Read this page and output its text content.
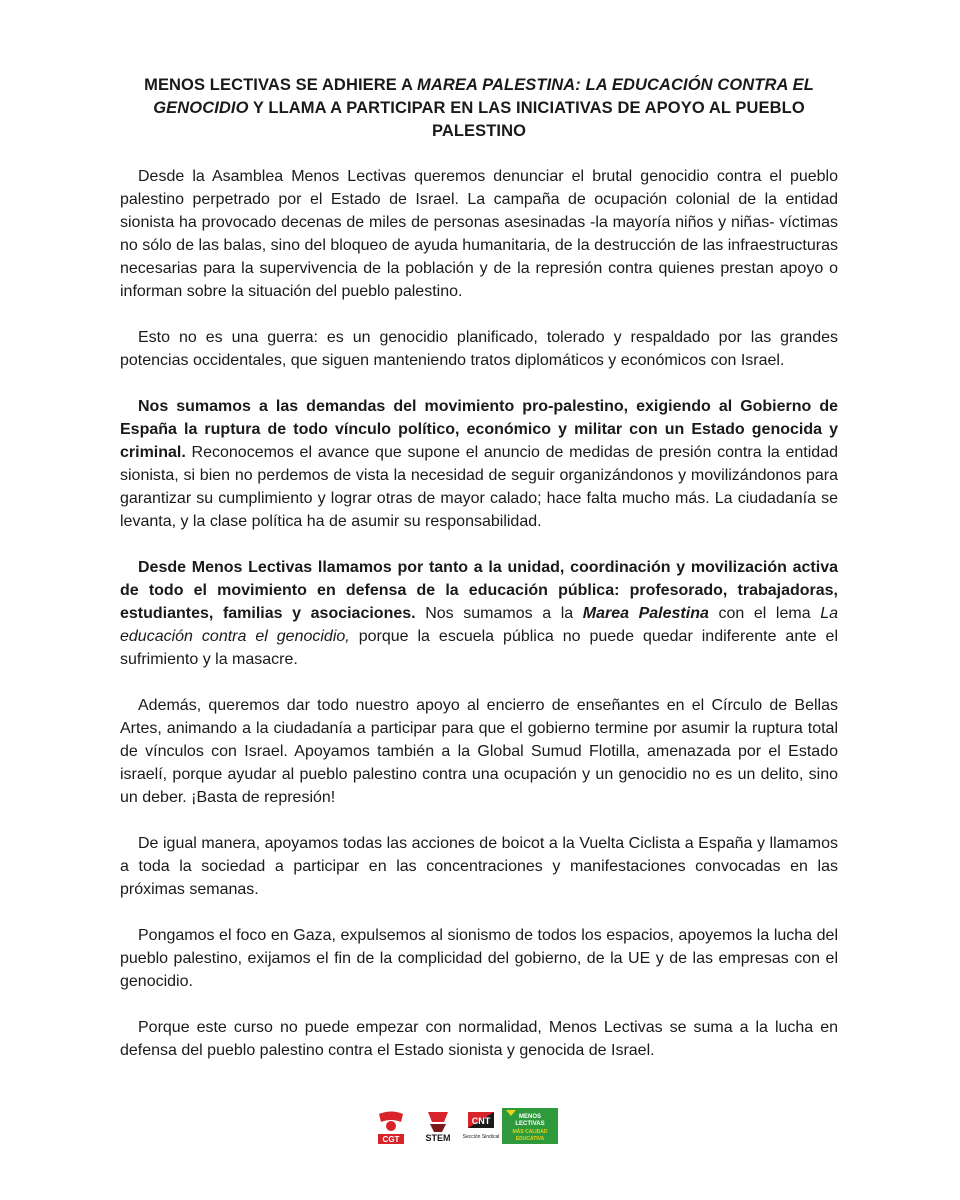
MENOS LECTIVAS SE ADHIERE A MAREA PALESTINA: LA EDUCACIÓN CONTRA EL GENOCIDIO Y LLAMA A PARTICIPAR EN LAS INICIATIVAS DE APOYO AL PUEBLO PALESTINO

Desde la Asamblea Menos Lectivas queremos denunciar el brutal genocidio contra el pueblo palestino perpetrado por el Estado de Israel. La campaña de ocupación colonial de la entidad sionista ha provocado decenas de miles de personas asesinadas -la mayoría niños y niñas- víctimas no sólo de las balas, sino del bloqueo de ayuda humanitaria, de la destrucción de las infraestructuras necesarias para la supervivencia de la población y de la represión contra quienes prestan apoyo o informan sobre la situación del pueblo palestino.

Esto no es una guerra: es un genocidio planificado, tolerado y respaldado por las grandes potencias occidentales, que siguen manteniendo tratos diplomáticos y económicos con Israel.

Nos sumamos a las demandas del movimiento pro-palestino, exigiendo al Gobierno de España la ruptura de todo vínculo político, económico y militar con un Estado genocida y criminal. Reconocemos el avance que supone el anuncio de medidas de presión contra la entidad sionista, si bien no perdemos de vista la necesidad de seguir organizándonos y movilizándonos para garantizar su cumplimiento y lograr otras de mayor calado; hace falta mucho más. La ciudadanía se levanta, y la clase política ha de asumir su responsabilidad.

Desde Menos Lectivas llamamos por tanto a la unidad, coordinación y movilización activa de todo el movimiento en defensa de la educación pública: profesorado, trabajadoras, estudiantes, familias y asociaciones. Nos sumamos a la Marea Palestina con el lema La educación contra el genocidio, porque la escuela pública no puede quedar indiferente ante el sufrimiento y la masacre.

Además, queremos dar todo nuestro apoyo al encierro de enseñantes en el Círculo de Bellas Artes, animando a la ciudadanía a participar para que el gobierno termine por asumir la ruptura total de vínculos con Israel. Apoyamos también a la Global Sumud Flotilla, amenazada por el Estado israelí, porque ayudar al pueblo palestino contra una ocupación y un genocidio no es un delito, sino un deber. ¡Basta de represión!

De igual manera, apoyamos todas las acciones de boicot a la Vuelta Ciclista a España y llamamos a toda la sociedad a participar en las concentraciones y manifestaciones convocadas en las próximas semanas.

Pongamos el foco en Gaza, expulsemos al sionismo de todos los espacios, apoyemos la lucha del pueblo palestino, exijamos el fin de la complicidad del gobierno, de la UE y de las empresas con el genocidio.

Porque este curso no puede empezar con normalidad, Menos Lectivas se suma a la lucha en defensa del pueblo palestino contra el Estado sionista y genocida de Israel.

CGT	STEM
CNT
Sección Sindical
MENOS
LECTIVAS
MÁS CALIDAD
EDUCATIVA
